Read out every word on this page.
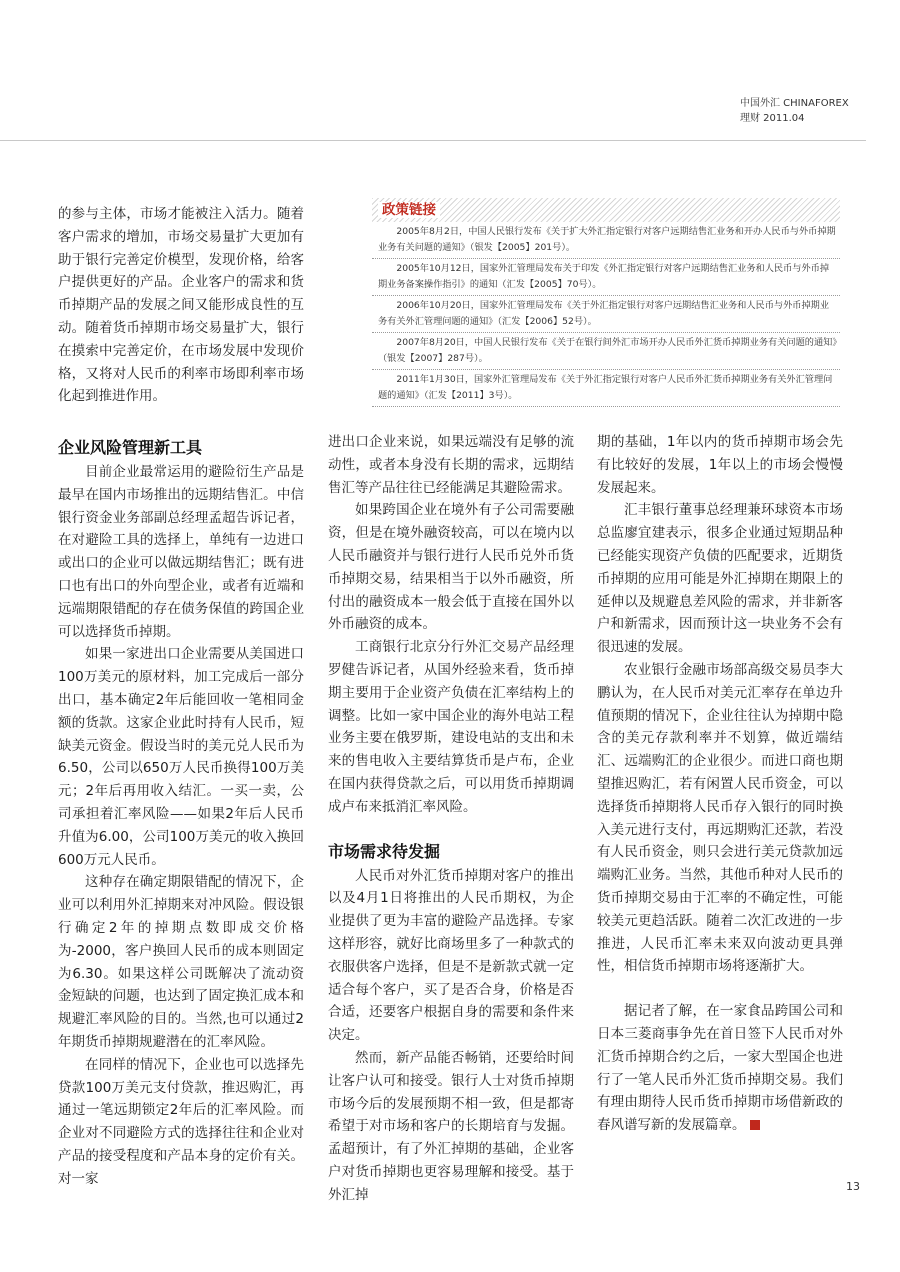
中国外汇 CHINAFOREX
理财 2011.04

的参与主体，市场才能被注入活力。随着客户需求的增加，市场交易量扩大更加有助于银行完善定价模型，发现价格，给客户提供更好的产品。企业客户的需求和货币掉期产品的发展之间又能形成良性的互动。随着货币掉期市场交易量扩大，银行在摸索中完善定价，在市场发展中发现价格，又将对人民币的利率市场即利率市场化起到推进作用。

政策链接
2005年8月2日，中国人民银行发布《关于扩大外汇指定银行对客户远期结售汇业务和开办人民币与外币掉期业务有关问题的通知》（银发【2005】201号）。
2005年10月12日，国家外汇管理局发布关于印发《外汇指定银行对客户远期结售汇业务和人民币与外币掉期业务备案操作指引》的通知（汇发【2005】70号）。
2006年10月20日，国家外汇管理局发布《关于外汇指定银行对客户远期结售汇业务和人民币与外币掉期业务有关外汇管理问题的通知》（汇发【2006】52号）。
2007年8月20日，中国人民银行发布《关于在银行间外汇市场开办人民币外汇货币掉期业务有关问题的通知》（银发【2007】287号）。
2011年1月30日，国家外汇管理局发布《关于外汇指定银行对客户人民币外汇货币掉期业务有关外汇管理问题的通知》（汇发【2011】3号）。
企业风险管理新工具

目前企业最常运用的避险衍生产品是最早在国内市场推出的远期结售汇。中信银行资金业务部副总经理孟超告诉记者，在对避险工具的选择上，单纯有一边进口或出口的企业可以做远期结售汇；既有进口也有出口的外向型企业，或者有近端和远端期限错配的存在债务保值的跨国企业可以选择货币掉期。

如果一家进出口企业需要从美国进口100万美元的原材料，加工完成后一部分出口，基本确定2年后能回收一笔相同金额的货款。这家企业此时持有人民币，短缺美元资金。假设当时的美元兑人民币为6.50，公司以650万人民币换得100万美元；2年后再用收入结汇。一买一卖，公司承担着汇率风险——如果2年后人民币升值为6.00，公司100万美元的收入换回600万元人民币。

这种存在确定期限错配的情况下，企业可以利用外汇掉期来对冲风险。假设银行确定2年的掉期点数即成交价格为-2000，客户换回人民币的成本则固定为6.30。如果这样公司既解决了流动资金短缺的问题，也达到了固定换汇成本和规避汇率风险的目的。当然,也可以通过2年期货币掉期规避潜在的汇率风险。

在同样的情况下，企业也可以选择先贷款100万美元支付贷款，推迟购汇，再通过一笔远期锁定2年后的汇率风险。而企业对不同避险方式的选择往往和企业对产品的接受程度和产品本身的定价有关。对一家

进出口企业来说，如果远端没有足够的流动性，或者本身没有长期的需求，远期结售汇等产品往往已经能满足其避险需求。

如果跨国企业在境外有子公司需要融资，但是在境外融资较高，可以在境内以人民币融资并与银行进行人民币兑外币货币掉期交易，结果相当于以外币融资，所付出的融资成本一般会低于直接在国外以外币融资的成本。

工商银行北京分行外汇交易产品经理罗健告诉记者，从国外经验来看，货币掉期主要用于企业资产负债在汇率结构上的调整。比如一家中国企业的海外电站工程业务主要在俄罗斯，建设电站的支出和未来的售电收入主要结算货币是卢布，企业在国内获得贷款之后，可以用货币掉期调成卢布来抵消汇率风险。

市场需求待发掘

人民币对外汇货币掉期对客户的推出以及4月1日将推出的人民币期权，为企业提供了更为丰富的避险产品选择。专家这样形容，就好比商场里多了一种款式的衣服供客户选择，但是不是新款式就一定适合每个客户，买了是否合身，价格是否合适，还要客户根据自身的需要和条件来决定。

然而，新产品能否畅销，还要给时间让客户认可和接受。银行人士对货币掉期市场今后的发展预期不相一致，但是都寄希望于对市场和客户的长期培育与发掘。孟超预计，有了外汇掉期的基础，企业客户对货币掉期也更容易理解和接受。基于外汇掉

期的基础，1年以内的货币掉期市场会先有比较好的发展，1年以上的市场会慢慢发展起来。

汇丰银行董事总经理兼环球资本市场总监廖宜建表示，很多企业通过短期品种已经能实现资产负债的匹配要求，近期货币掉期的应用可能是外汇掉期在期限上的延伸以及规避息差风险的需求，并非新客户和新需求，因而预计这一块业务不会有很迅速的发展。

农业银行金融市场部高级交易员李大鹏认为，在人民币对美元汇率存在单边升值预期的情况下，企业往往认为掉期中隐含的美元存款利率并不划算，做近端结汇、远端购汇的企业很少。而进口商也期望推迟购汇，若有闲置人民币资金，可以选择货币掉期将人民币存入银行的同时换入美元进行支付，再远期购汇还款，若没有人民币资金，则只会进行美元贷款加远端购汇业务。当然，其他币种对人民币的货币掉期交易由于汇率的不确定性，可能较美元更趋活跃。随着二次汇改进的一步推进，人民币汇率未来双向波动更具弹性，相信货币掉期市场将逐渐扩大。

据记者了解，在一家食品跨国公司和日本三菱商事争先在首日签下人民币对外汇货币掉期合约之后，一家大型国企也进行了一笔人民币外汇货币掉期交易。我们有理由期待人民币货币掉期市场借新政的春风谱写新的发展篇章。

13
